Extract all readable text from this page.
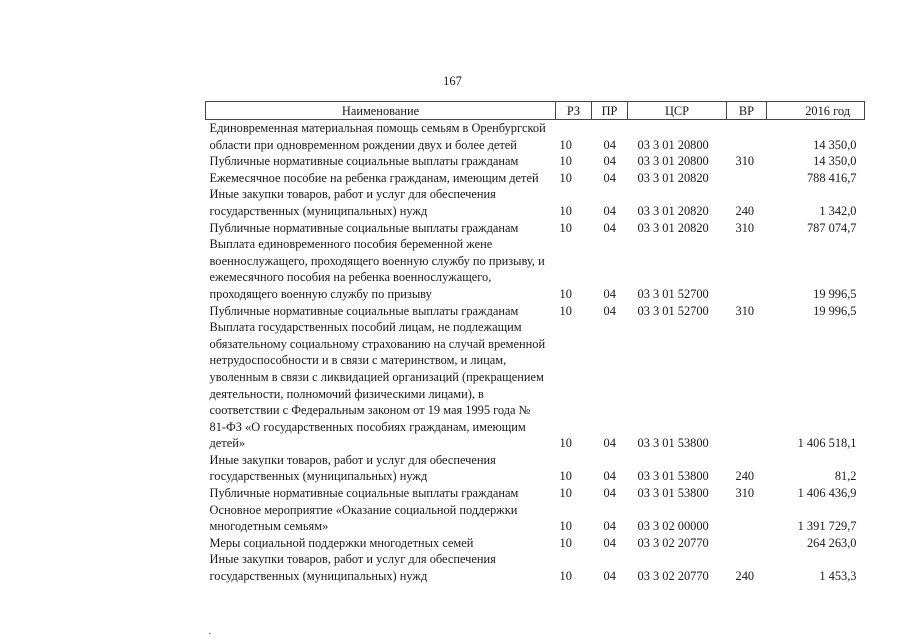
167
Наименование	РЗ	ПР	ЦСР	ВР	2016 год
Единовременная материальная помощь семьям в Оренбургской области при одновременном рождении двух и более детей	10	04	03 3 01 20800		14 350,0
Публичные нормативные социальные выплаты гражданам	10	04	03 3 01 20800	310	14 350,0
Ежемесячное пособие на ребенка гражданам, имеющим детей	10	04	03 3 01 20820		788 416,7
Иные закупки товаров, работ и услуг для обеспечения государственных (муниципальных) нужд	10	04	03 3 01 20820	240	1 342,0
Публичные нормативные социальные выплаты гражданам	10	04	03 3 01 20820	310	787 074,7
Выплата единовременного пособия беременной жене военнослужащего, проходящего военную службу по призыву, и ежемесячного пособия на ребенка военнослужащего, проходящего военную службу по призыву	10	04	03 3 01 52700		19 996,5
Публичные нормативные социальные выплаты гражданам	10	04	03 3 01 52700	310	19 996,5
Выплата государственных пособий лицам, не подлежащим обязательному социальному страхованию на случай временной нетрудоспособности и в связи с материнством, и лицам, уволенным в связи с ликвидацией организаций (прекращением деятельности, полномочий физическими лицами), в соответствии с Федеральным законом от 19 мая 1995 года № 81-ФЗ «О государственных пособиях гражданам, имеющим детей»	10	04	03 3 01 53800		1 406 518,1
Иные закупки товаров, работ и услуг для обеспечения государственных (муниципальных) нужд	10	04	03 3 01 53800	240	81,2
Публичные нормативные социальные выплаты гражданам	10	04	03 3 01 53800	310	1 406 436,9
Основное мероприятие «Оказание социальной поддержки многодетным семьям»	10	04	03 3 02 00000		1 391 729,7
Меры социальной поддержки многодетных семей	10	04	03 3 02 20770		264 263,0
Иные закупки товаров, работ и услуг для обеспечения государственных (муниципальных) нужд	10	04	03 3 02 20770	240	1 453,3
